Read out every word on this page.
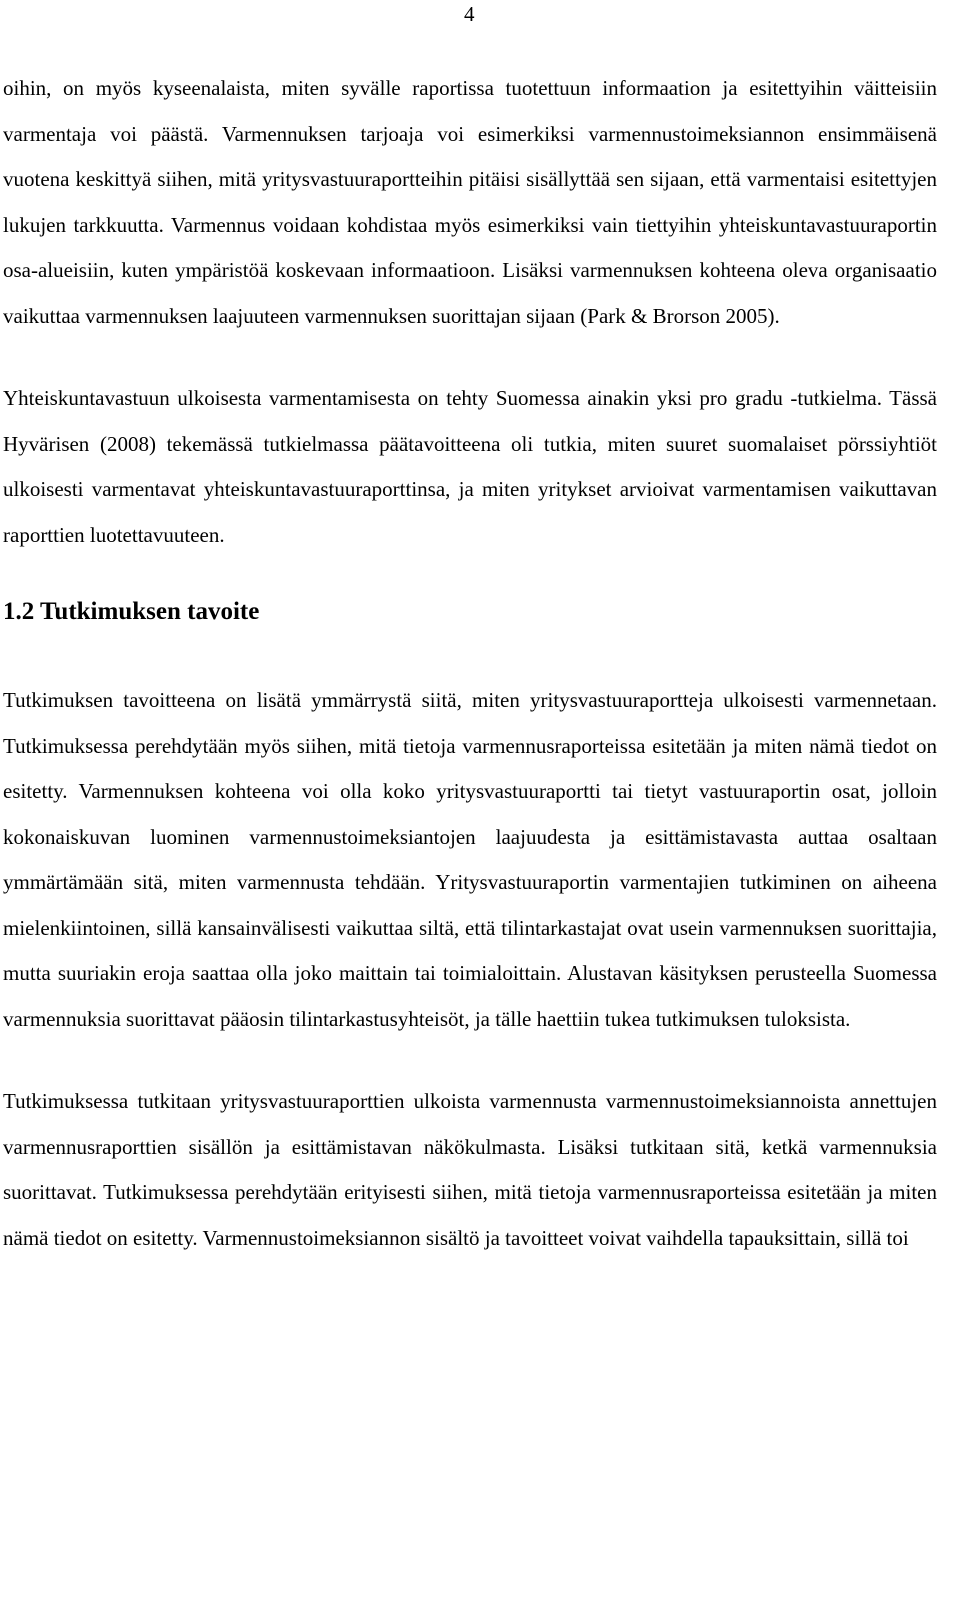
4

oihin, on myös kyseenalaista, miten syvälle raportissa tuotettuun informaation ja esitettyihin väitteisiin varmentaja voi päästä. Varmennuksen tarjoaja voi esimerkiksi varmennustoimeksiannon ensimmäisenä vuotena keskittyä siihen, mitä yritysvastuuraportteihin pitäisi sisällyttää sen sijaan, että varmentaisi esitettyjen lukujen tarkkuutta. Varmennus voidaan kohdistaa myös esimerkiksi vain tiettyihin yhteiskuntavastuuraportin osa-alueisiin, kuten ympäristöä koskevaan informaatioon. Lisäksi varmennuksen kohteena oleva organisaatio vaikuttaa varmennuksen laajuuteen varmennuksen suorittajan sijaan (Park & Brorson 2005).

Yhteiskuntavastuun ulkoisesta varmentamisesta on tehty Suomessa ainakin yksi pro gradu -tutkielma. Tässä Hyvärisen (2008) tekemässä tutkielmassa päätavoitteena oli tutkia, miten suuret suomalaiset pörssiyhtiöt ulkoisesti varmentavat yhteiskuntavastuuraporttinsa, ja miten yritykset arvioivat varmentamisen vaikuttavan raporttien luotettavuuteen.

1.2 Tutkimuksen tavoite

Tutkimuksen tavoitteena on lisätä ymmärrystä siitä, miten yritysvastuuraportteja ulkoisesti varmennetaan. Tutkimuksessa perehdytään myös siihen, mitä tietoja varmennusraporteissa esitetään ja miten nämä tiedot on esitetty. Varmennuksen kohteena voi olla koko yritysvastuuraportti tai tietyt vastuuraportin osat, jolloin kokonaiskuvan luominen varmennustoimeksiantojen laajuudesta ja esittämistavasta auttaa osaltaan ymmärtämään sitä, miten varmennusta tehdään. Yritysvastuuraportin varmentajien tutkiminen on aiheena mielenkiintoinen, sillä kansainvälisesti vaikuttaa siltä, että tilintarkastajat ovat usein varmennuksen suorittajia, mutta suuriakin eroja saattaa olla joko maittain tai toimialoittain. Alustavan käsityksen perusteella Suomessa varmennuksia suorittavat pääosin tilintarkastusyhteisöt, ja tälle haettiin tukea tutkimuksen tuloksista.

Tutkimuksessa tutkitaan yritysvastuuraporttien ulkoista varmennusta varmennustoimeksiannoista annettujen varmennusraporttien sisällön ja esittämistavan näkökulmasta. Lisäksi tutkitaan sitä, ketkä varmennuksia suorittavat. Tutkimuksessa perehdytään erityisesti siihen, mitä tietoja varmennusraporteissa esitetään ja miten nämä tiedot on esitetty. Varmennustoimeksiannon sisältö ja tavoitteet voivat vaihdella tapauksittain, sillä toi
